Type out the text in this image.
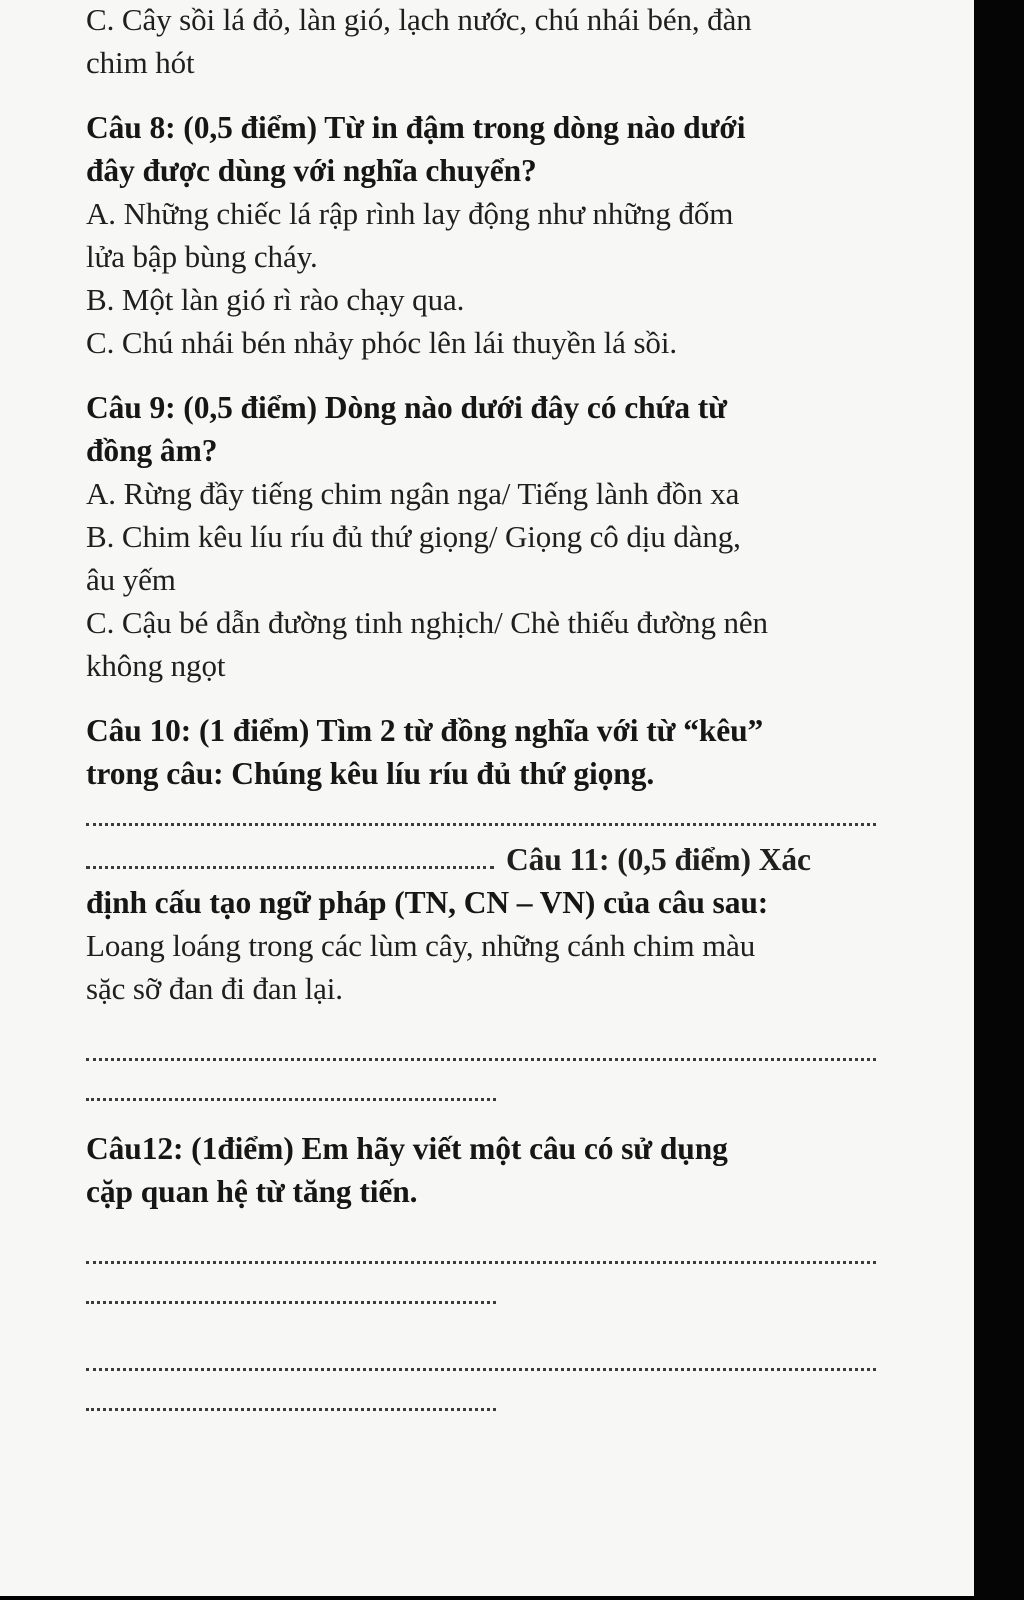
C. Cây sồi lá đỏ, làn gió, lạch nước, chú nhái bén, đàn
chim hót
Câu 8: (0,5 điểm) Từ in đậm trong dòng nào dưới
đây được dùng với nghĩa chuyển?
A. Những chiếc lá rập rình lay động như những đốm
lửa bập bùng cháy.
B. Một làn gió rì rào chạy qua.
C. Chú nhái bén nhảy phóc lên lái thuyền lá sồi.
Câu 9: (0,5 điểm) Dòng nào dưới đây có chứa từ
đồng âm?
A. Rừng đầy tiếng chim ngân nga/ Tiếng lành đồn xa
B. Chim kêu líu ríu đủ thứ giọng/ Giọng cô dịu dàng,
âu yếm
C. Cậu bé dẫn đường tinh nghịch/ Chè thiếu đường nên
không ngọt
Câu 10: (1 điểm) Tìm 2 từ đồng nghĩa với từ “kêu”
trong câu: Chúng kêu líu ríu đủ thứ giọng.
Câu 11: (0,5 điểm) Xác
định cấu tạo ngữ pháp (TN, CN – VN) của câu sau:
Loang loáng trong các lùm cây, những cánh chim màu
sặc sỡ đan đi đan lại.
Câu12: (1điểm) Em hãy viết một câu có sử dụng
cặp quan hệ từ tăng tiến.
